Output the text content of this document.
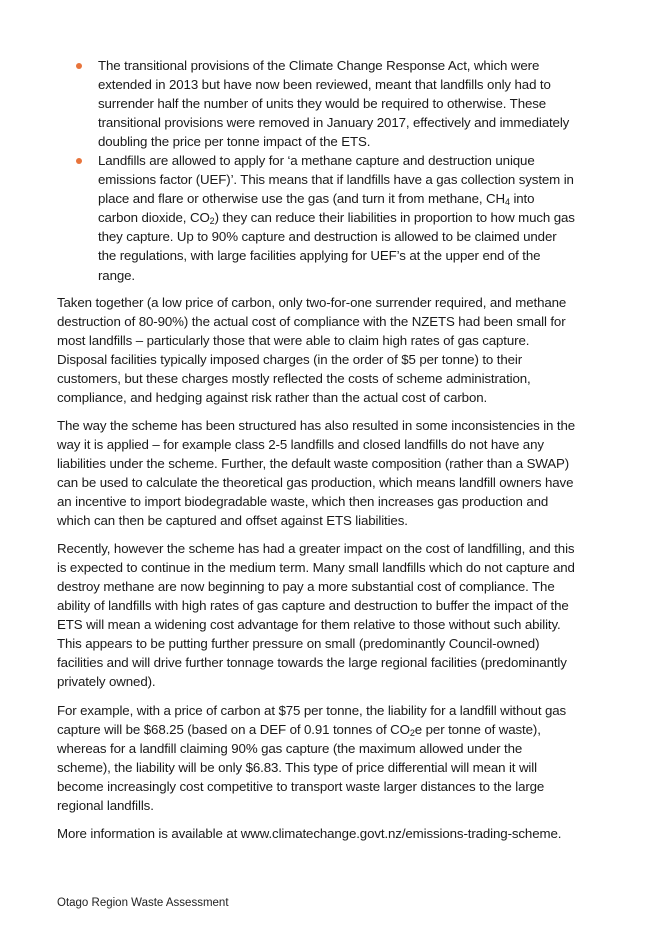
The transitional provisions of the Climate Change Response Act, which were extended in 2013 but have now been reviewed, meant that landfills only had to surrender half the number of units they would be required to otherwise. These transitional provisions were removed in January 2017, effectively and immediately doubling the price per tonne impact of the ETS.
Landfills are allowed to apply for ‘a methane capture and destruction unique emissions factor (UEF)’. This means that if landfills have a gas collection system in place and flare or otherwise use the gas (and turn it from methane, $CH_4$ into carbon dioxide, $CO_2$) they can reduce their liabilities in proportion to how much gas they capture. Up to 90% capture and destruction is allowed to be claimed under the regulations, with large facilities applying for UEF’s at the upper end of the range.

Taken together (a low price of carbon, only two-for-one surrender required, and methane destruction of 80-90%) the actual cost of compliance with the NZETS had been small for most landfills – particularly those that were able to claim high rates of gas capture. Disposal facilities typically imposed charges (in the order of $5 per tonne) to their customers, but these charges mostly reflected the costs of scheme administration, compliance, and hedging against risk rather than the actual cost of carbon.

The way the scheme has been structured has also resulted in some inconsistencies in the way it is applied – for example class 2-5 landfills and closed landfills do not have any liabilities under the scheme. Further, the default waste composition (rather than a SWAP) can be used to calculate the theoretical gas production, which means landfill owners have an incentive to import biodegradable waste, which then increases gas production and which can then be captured and offset against ETS liabilities.

Recently, however the scheme has had a greater impact on the cost of landfilling, and this is expected to continue in the medium term. Many small landfills which do not capture and destroy methane are now beginning to pay a more substantial cost of compliance. The ability of landfills with high rates of gas capture and destruction to buffer the impact of the ETS will mean a widening cost advantage for them relative to those without such ability. This appears to be putting further pressure on small (predominantly Council-owned) facilities and will drive further tonnage towards the large regional facilities (predominantly privately owned).

For example, with a price of carbon at $75 per tonne, the liability for a landfill without gas capture will be $68.25 (based on a DEF of 0.91 tonnes of $CO_2e$ per tonne of waste), whereas for a landfill claiming 90% gas capture (the maximum allowed under the scheme), the liability will be only $6.83. This type of price differential will mean it will become increasingly cost competitive to transport waste larger distances to the large regional landfills.

More information is available at www.climatechange.govt.nz/emissions-trading-scheme.

Otago Region Waste Assessment
